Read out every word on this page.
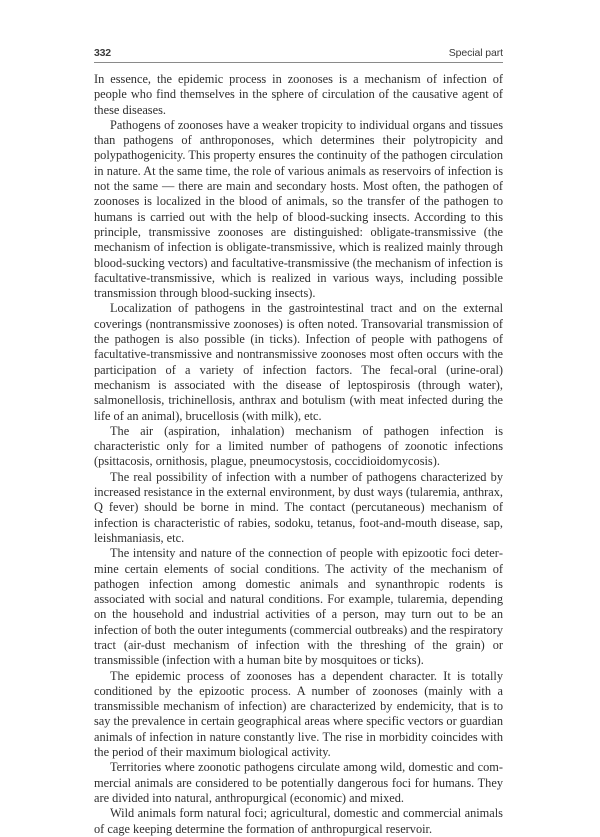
332	Special part

In essence, the epidemic process in zoonoses is a mechanism of infection of people who find themselves in the sphere of circulation of the causative agent of these diseases.

Pathogens of zoonoses have a weaker tropicity to individual organs and tissues than pathogens of anthroponoses, which determines their polytropicity and polypathogenicity. This property ensures the continuity of the pathogen circulation in nature. At the same time, the role of various animals as reservoirs of infection is not the same — there are main and secondary hosts. Most often, the pathogen of zoonoses is localized in the blood of animals, so the transfer of the pathogen to humans is carried out with the help of blood-sucking insects. According to this principle, transmissive zoonoses are distinguished: obligate-transmissive (the mechanism of infection is obligate-transmissive, which is realized mainly through blood-sucking vectors) and facultative-transmissive (the mechanism of infection is facultative-transmissive, which is realized in various ways, including possible transmission through blood-sucking insects).

Localization of pathogens in the gastrointestinal tract and on the external coverings (nontransmissive zoonoses) is often noted. Transovarial transmission of the pathogen is also possible (in ticks). Infection of people with pathogens of facultative-transmissive and nontransmissive zoonoses most often occurs with the participation of a variety of infection factors. The fecal-oral (urine-oral) mechanism is associated with the disease of leptospirosis (through water), salmonellosis, trichinellosis, anthrax and botulism (with meat infected during the life of an animal), brucellosis (with milk), etc.

The air (aspiration, inhalation) mechanism of pathogen infection is characteristic only for a limited number of pathogens of zoonotic infections (psittacosis, ornithosis, plague, pneumocystosis, coccidioidomycosis).

The real possibility of infection with a number of pathogens characterized by increased resistance in the external environment, by dust ways (tularemia, anthrax, Q fever) should be borne in mind. The contact (percutaneous) mechanism of infection is characteristic of rabies, sodoku, tetanus, foot-and-mouth disease, sap, leishmaniasis, etc.

The intensity and nature of the connection of people with epizootic foci determine certain elements of social conditions. The activity of the mechanism of pathogen infection among domestic animals and synanthropic rodents is associated with social and natural conditions. For example, tularemia, depending on the household and industrial activities of a person, may turn out to be an infection of both the outer integuments (commercial outbreaks) and the respiratory tract (air-dust mechanism of infection with the threshing of the grain) or transmissible (infection with a human bite by mosquitoes or ticks).

The epidemic process of zoonoses has a dependent character. It is totally conditioned by the epizootic process. A number of zoonoses (mainly with a transmissible mechanism of infection) are characterized by endemicity, that is to say the prevalence in certain geographical areas where specific vectors or guardian animals of infection in nature constantly live. The rise in morbidity coincides with the period of their maximum biological activity.

Territories where zoonotic pathogens circulate among wild, domestic and commercial animals are considered to be potentially dangerous foci for humans. They are divided into natural, anthropurgical (economic) and mixed.

Wild animals form natural foci; agricultural, domestic and commercial animals of cage keeping determine the formation of anthropurgical reservoir.
